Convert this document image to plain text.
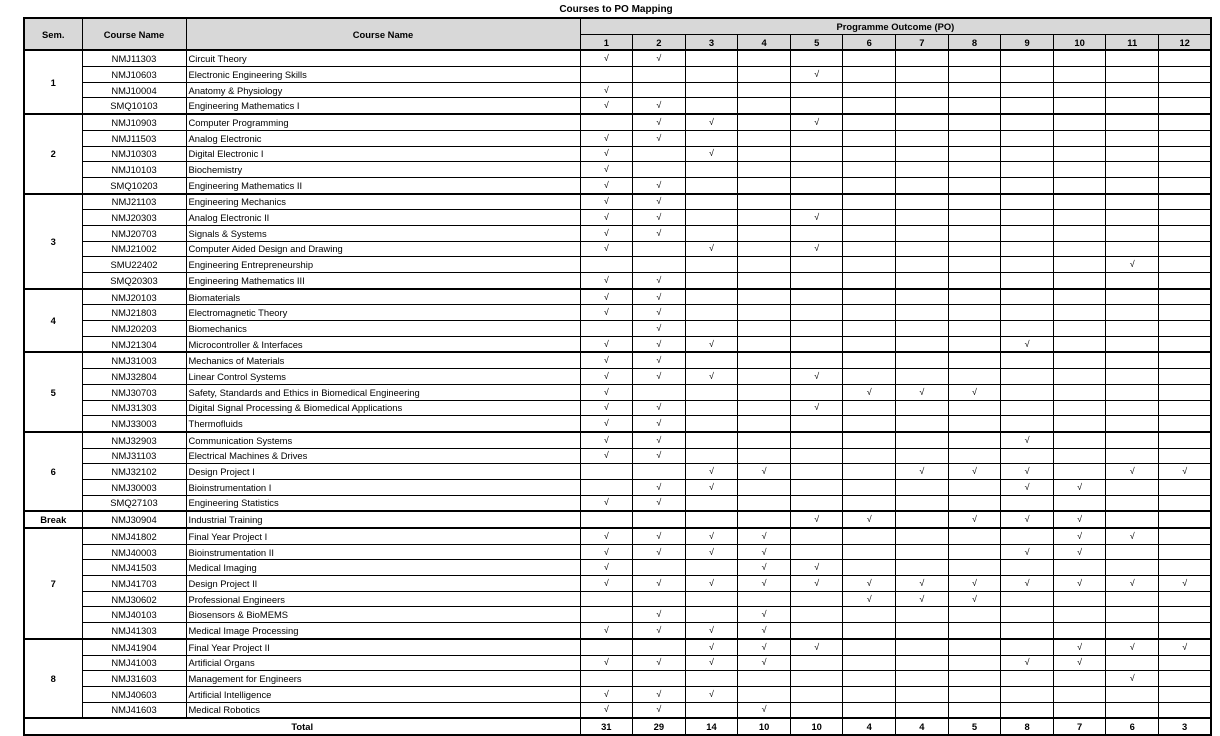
Courses to PO Mapping
Sem.	Course Name	Course Name	Programme Outcome (PO)											
			1	2	3	4	5	6	7	8	9	10	11	12
1	NMJ11303	Circuit Theory	√	√										
	NMJ10603	Electronic Engineering Skills					√							
	NMJ10004	Anatomy & Physiology	√											
	SMQ10103	Engineering Mathematics I	√	√										
2	NMJ10903	Computer Programming		√	√		√							
	NMJ11503	Analog Electronic	√	√										
	NMJ10303	Digital Electronic I	√		√									
	NMJ10103	Biochemistry	√											
	SMQ10203	Engineering Mathematics II	√	√										
3	NMJ21103	Engineering Mechanics	√	√										
	NMJ20303	Analog Electronic II	√	√			√							
	NMJ20703	Signals & Systems	√	√										
	NMJ21002	Computer Aided Design and Drawing	√		√		√							
	SMU22402	Engineering Entrepreneurship											√	
	SMQ20303	Engineering Mathematics III	√	√										
4	NMJ20103	Biomaterials	√	√										
	NMJ21803	Electromagnetic Theory	√	√										
	NMJ20203	Biomechanics		√										
	NMJ21304	Microcontroller & Interfaces	√	√	√						√			
5	NMJ31003	Mechanics of Materials	√	√										
	NMJ32804	Linear Control Systems	√	√	√		√							
	NMJ30703	Safety, Standards and Ethics in Biomedical Engineering	√					√	√	√				
	NMJ31303	Digital Signal Processing & Biomedical Applications	√	√			√							
	NMJ33003	Thermofluids	√	√										
6	NMJ32903	Communication Systems	√	√							√			
	NMJ31103	Electrical Machines & Drives	√	√										
	NMJ32102	Design Project I			√	√			√	√	√		√	√
	NMJ30003	Bioinstrumentation I		√	√						√	√		
	SMQ27103	Engineering Statistics	√	√										
Break	NMJ30904	Industrial Training					√	√		√	√	√		
7	NMJ41802	Final Year Project I	√	√	√	√						√	√	
	NMJ40003	Bioinstrumentation II	√	√	√	√					√	√		
	NMJ41503	Medical Imaging	√			√	√							
	NMJ41703	Design Project II	√	√	√	√	√	√	√	√	√	√	√	√
	NMJ30602	Professional Engineers						√	√	√				
	NMJ40103	Biosensors & BioMEMS		√		√								
	NMJ41303	Medical Image Processing	√	√	√	√								
8	NMJ41904	Final Year Project II			√	√	√					√	√	√
	NMJ41003	Artificial Organs	√	√	√	√					√	√		
	NMJ31603	Management for Engineers											√	
	NMJ40603	Artificial Intelligence	√	√	√									
	NMJ41603	Medical Robotics	√	√		√								
Total			31	29	14	10	10	4	4	5	8	7	6	3
